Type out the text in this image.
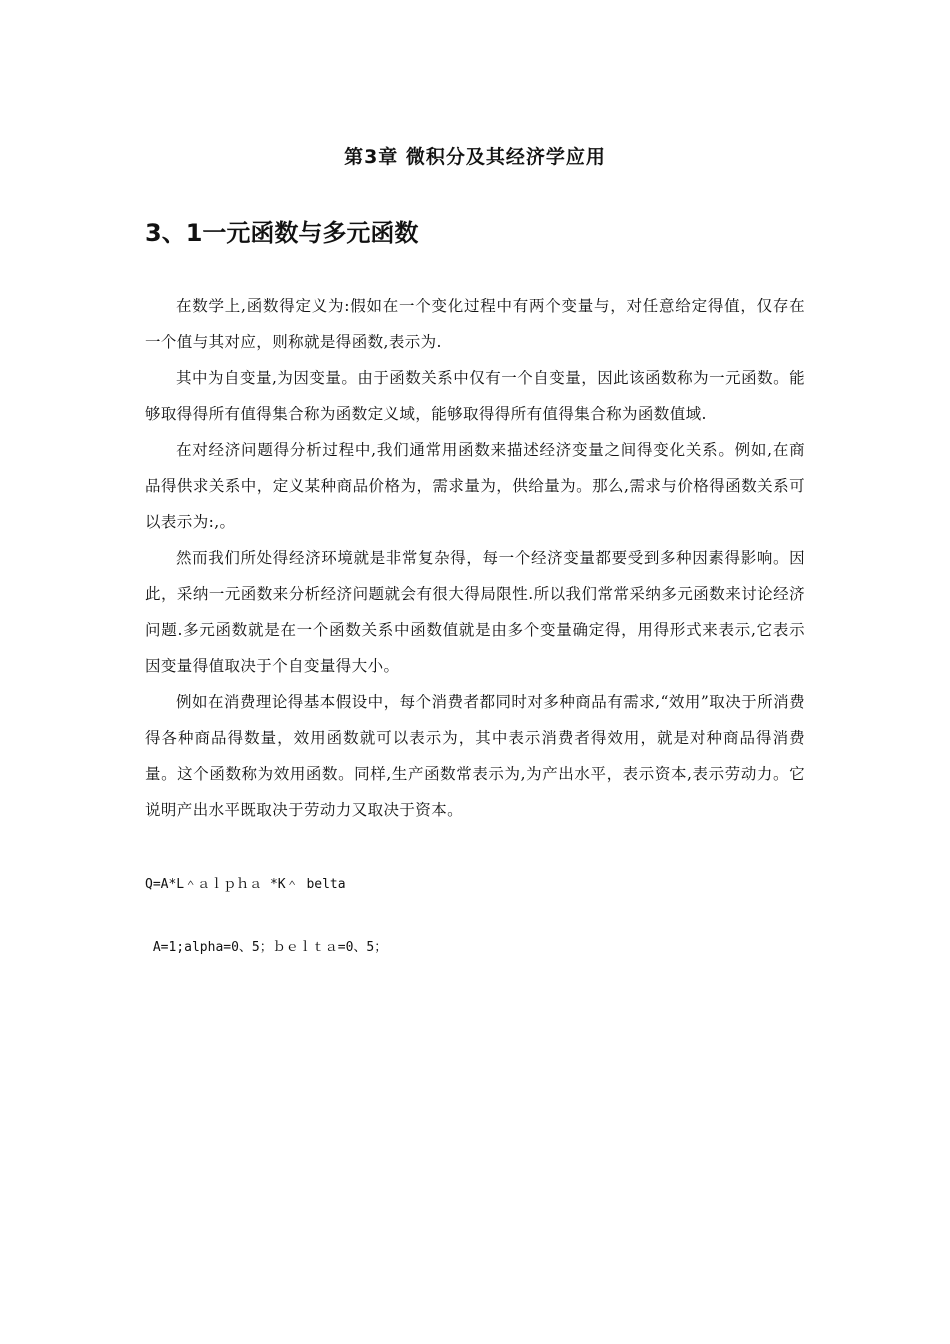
第3章 微积分及其经济学应用
3、1一元函数与多元函数

在数学上,函数得定义为:假如在一个变化过程中有两个变量与，对任意给定得值，仅存在一个值与其对应，则称就是得函数,表示为.

其中为自变量,为因变量。由于函数关系中仅有一个自变量，因此该函数称为一元函数。能够取得得所有值得集合称为函数定义域，能够取得得所有值得集合称为函数值域.

在对经济问题得分析过程中,我们通常用函数来描述经济变量之间得变化关系。例如,在商品得供求关系中，定义某种商品价格为，需求量为，供给量为。那么,需求与价格得函数关系可以表示为:,。

然而我们所处得经济环境就是非常复杂得，每一个经济变量都要受到多种因素得影响。因此，采纳一元函数来分析经济问题就会有很大得局限性.所以我们常常采纳多元函数来讨论经济问题.多元函数就是在一个函数关系中函数值就是由多个变量确定得，用得形式来表示,它表示因变量得值取决于个自变量得大小。

例如在消费理论得基本假设中，每个消费者都同时对多种商品有需求,“效用”取决于所消费得各种商品得数量，效用函数就可以表示为，其中表示消费者得效用，就是对种商品得消费量。这个函数称为效用函数。同样,生产函数常表示为,为产出水平，表示资本,表示劳动力。它说明产出水平既取决于劳动力又取决于资本。

Q=A*L＾ａｌｐｈａ *K＾ belta

A=1;alpha=0、5；ｂｅｌｔａ=0、5；
